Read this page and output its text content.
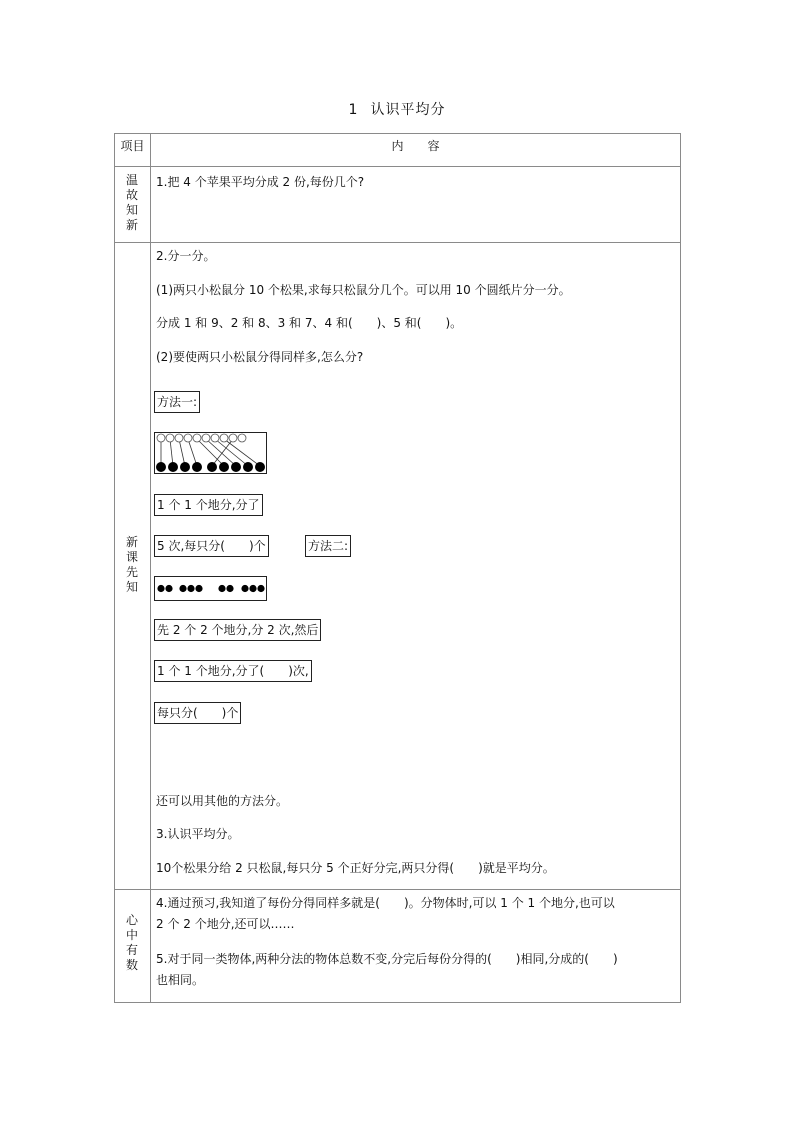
1 认识平均分
项目	内　　容
温故知新
1.把 4 个苹果平均分成 2 份,每份几个?
新课先知
2.分一分。
(1)两只小松鼠分 10 个松果,求每只松鼠分几个。可以用 10 个圆纸片分一分。
分成 1 和 9、2 和 8、3 和 7、4 和(　　)、5 和(　　)。
(2)要使两只小松鼠分得同样多,怎么分?
方法一:
1 个 1 个地分,分了
5 次,每只分(　　)个	方法二:
先 2 个 2 个地分,分 2 次,然后
1 个 1 个地分,分了(　　)次,
每只分(　　)个
还可以用其他的方法分。
3.认识平均分。
10个松果分给 2 只松鼠,每只分 5 个正好分完,两只分得(　　)就是平均分。
心中有数
4.通过预习,我知道了每份分得同样多就是(　　)。分物体时,可以 1 个 1 个地分,也可以
2 个 2 个地分,还可以……
5.对于同一类物体,两种分法的物体总数不变,分完后每份分得的(　　)相同,分成的(　　)
也相同。
